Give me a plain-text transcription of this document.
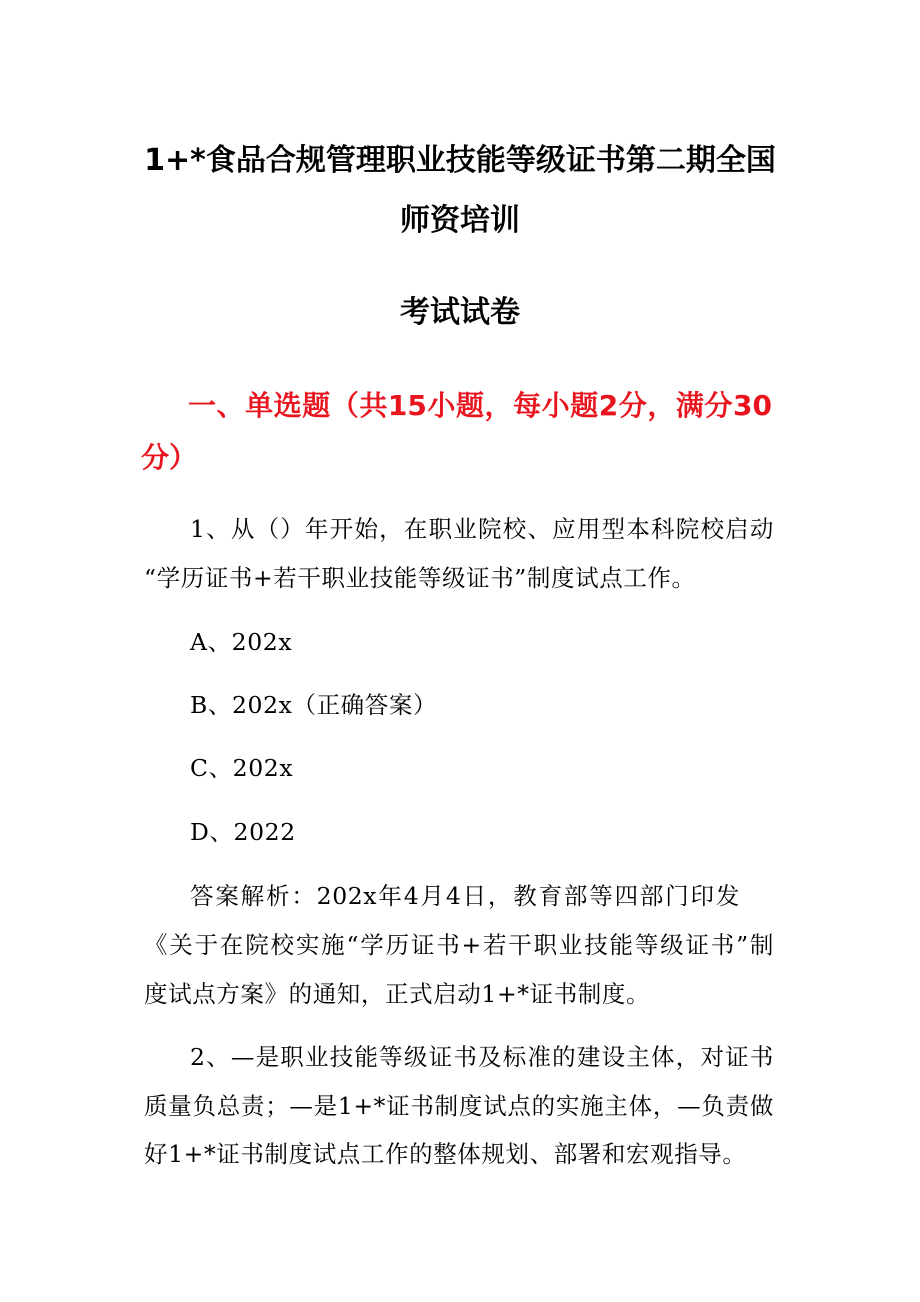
1+*食品合规管理职业技能等级证书第二期全国
师资培训
考试试卷
一、单选题（共15小题，每小题2分，满分30
分）
1、从（）年开始，在职业院校、应用型本科院校启动
“学历证书+若干职业技能等级证书”制度试点工作。
A、202x
B、202x（正确答案）
C、202x
D、2022
答案解析：202x年4月4日，教育部等四部门印发
《关于在院校实施“学历证书+若干职业技能等级证书”制
度试点方案》的通知，正式启动1+*证书制度。
2、—是职业技能等级证书及标准的建设主体，对证书
质量负总责；—是1+*证书制度试点的实施主体，—负责做
好1+*证书制度试点工作的整体规划、部署和宏观指导。
